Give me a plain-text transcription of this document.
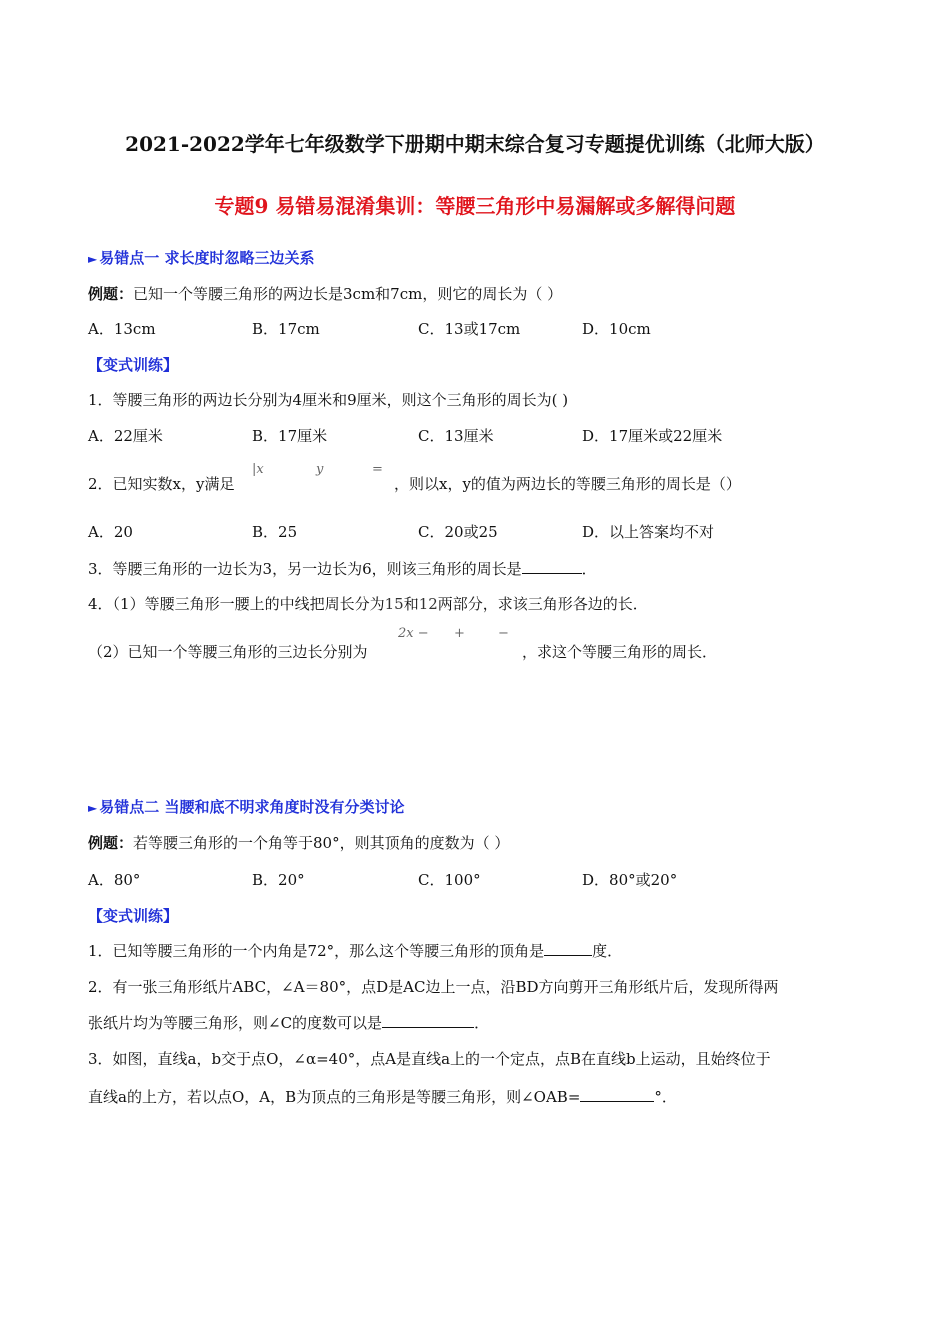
2021-2022学年七年级数学下册期中期末综合复习专题提优训练（北师大版）
专题9 易错易混淆集训：等腰三角形中易漏解或多解得问题
► 易错点一 求长度时忽略三边关系
例题：已知一个等腰三角形的两边长是3cm和7cm，则它的周长为（ ）
A．13cm	B．17cm	C．13或17cm	D．10cm
【变式训练】
1．等腰三角形的两边长分别为4厘米和9厘米，则这个三角形的周长为( )
A．22厘米	B．17厘米	C．13厘米	D．17厘米或22厘米
2．已知实数x，y满足
|x	y	=
，则以x，y的值为两边长的等腰三角形的周长是（）
A．20	B．25	C．20或25	D．以上答案均不对
3．等腰三角形的一边长为3，另一边长为6，则该三角形的周长是	．
4．（1）等腰三角形一腰上的中线把周长分为15和12两部分，求该三角形各边的长．
2x − +	−
（2）已知一个等腰三角形的三边长分别为	，求这个等腰三角形的周长．
► 易错点二 当腰和底不明求角度时没有分类讨论
例题：若等腰三角形的一个角等于80°，则其顶角的度数为（ ）
A．80°	B．20°	C．100°	D．80°或20°
【变式训练】
1．已知等腰三角形的一个内角是72°，那么这个等腰三角形的顶角是	度．
2．有一张三角形纸片ABC，∠A＝80°，点D是AC边上一点，沿BD方向剪开三角形纸片后，发现所得两
张纸片均为等腰三角形，则∠C的度数可以是	．
3．如图，直线a，b交于点O，∠α=40°，点A是直线a上的一个定点，点B在直线b上运动，且始终位于
直线a的上方，若以点O，A，B为顶点的三角形是等腰三角形，则∠OAB=	°．
